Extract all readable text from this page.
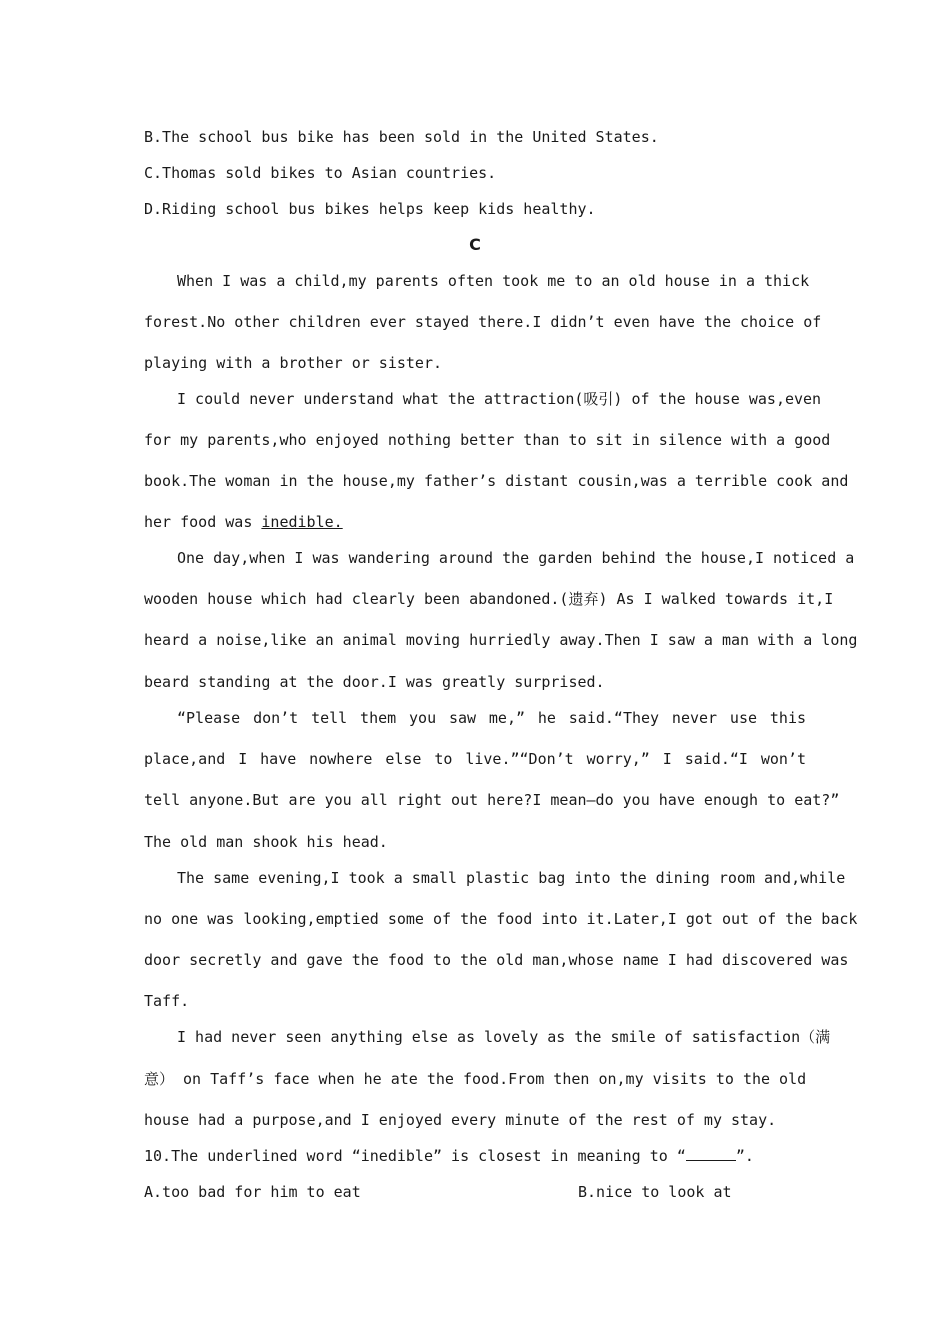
B.The school bus bike has been sold in the United States.
C.Thomas sold bikes to Asian countries.
D.Riding school bus bikes helps keep kids healthy.
C
When I was a child,my parents often took me to an old house in a thick
forest.No other children ever stayed there.I didn’t even have the choice of
playing with a brother or sister.
I could never understand what the attraction(吸引) of the house was,even
for my parents,who enjoyed nothing better than to sit in silence with a good
book.The woman in the house,my father’s distant cousin,was a terrible cook and
her food was inedible.
One day,when I was wandering around the garden behind the house,I noticed a
wooden house which had clearly been abandoned.(遗弃) As I walked towards it,I
heard a noise,like an animal moving hurriedly away.Then I saw a man with a long
beard standing at the door.I was greatly surprised.
“Please don’t tell them you saw me,” he said.“They never use this
place,and I have nowhere else to live.”“Don’t worry,” I said.“I won’t
tell anyone.But are you all right out here?I mean—do you have enough to eat?”
The old man shook his head.
The same evening,I took a small plastic bag into the dining room and,while
no one was looking,emptied some of the food into it.Later,I got out of the back
door secretly and gave the food to the old man,whose name I had discovered was
Taff.
I had never seen anything else as lovely as the smile of satisfaction（满
意） on Taff’s face when he ate the food.From then on,my visits to the old
house had a purpose,and I enjoyed every minute of the rest of my stay.
10.The underlined word “inedible” is closest in meaning to “	”.
A.too bad for him to eat	B.nice to look at
